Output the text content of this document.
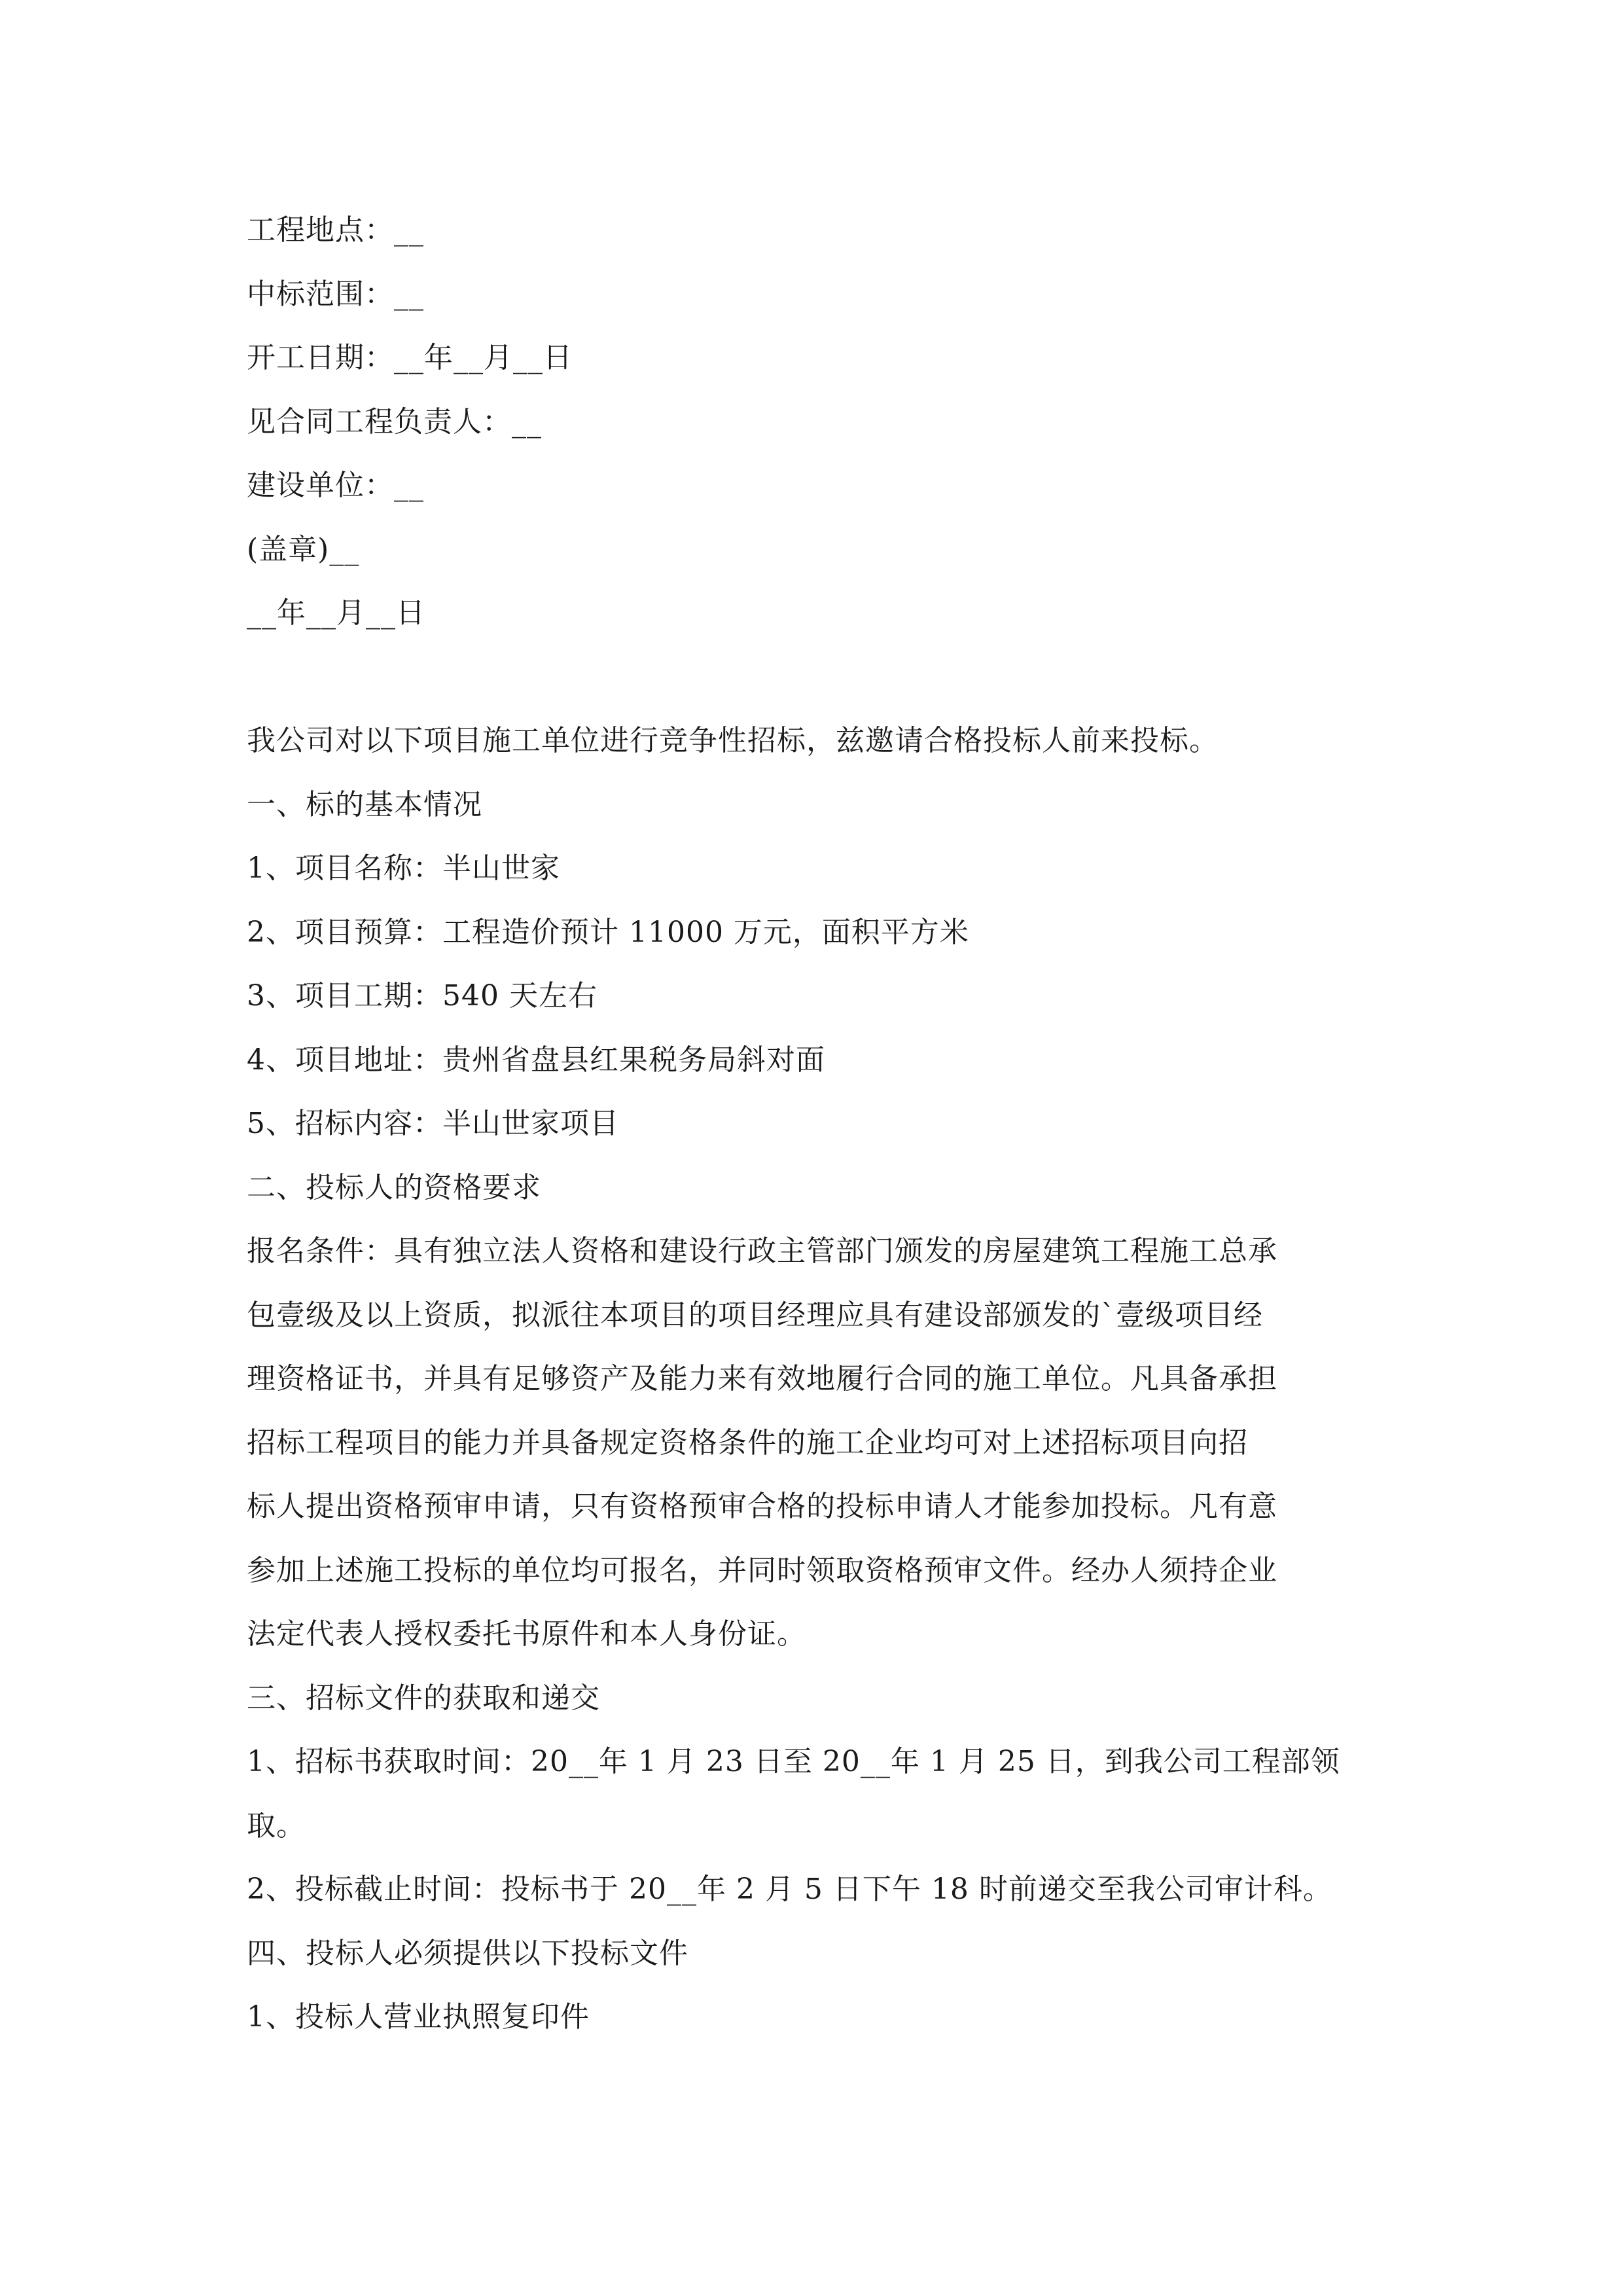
工程地点：__

中标范围：__

开工日期：__年__月__日

见合同工程负责人：__

建设单位：__

(盖章)__

__年__月__日

我公司对以下项目施工单位进行竞争性招标，兹邀请合格投标人前来投标。

一、标的基本情况

1、项目名称：半山世家

2、项目预算：工程造价预计 11000 万元，面积平方米

3、项目工期：540 天左右

4、项目地址：贵州省盘县红果税务局斜对面

5、招标内容：半山世家项目

二、投标人的资格要求

报名条件：具有独立法人资格和建设行政主管部门颁发的房屋建筑工程施工总承

包壹级及以上资质，拟派往本项目的项目经理应具有建设部颁发的`壹级项目经

理资格证书，并具有足够资产及能力来有效地履行合同的施工单位。凡具备承担

招标工程项目的能力并具备规定资格条件的施工企业均可对上述招标项目向招

标人提出资格预审申请，只有资格预审合格的投标申请人才能参加投标。凡有意

参加上述施工投标的单位均可报名，并同时领取资格预审文件。经办人须持企业

法定代表人授权委托书原件和本人身份证。

三、招标文件的获取和递交

1、招标书获取时间：20__年 1 月 23 日至 20__年 1 月 25 日，到我公司工程部领

取。

2、投标截止时间：投标书于 20__年 2 月 5 日下午 18 时前递交至我公司审计科。

四、投标人必须提供以下投标文件

1、投标人营业执照复印件
